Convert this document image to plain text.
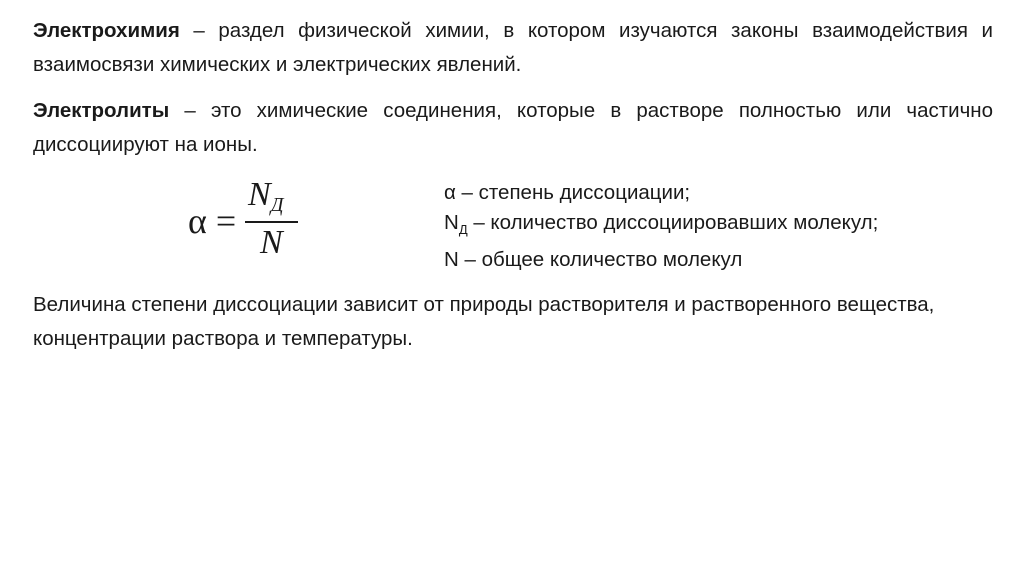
Электрохимия – раздел физической химии, в котором изучаются законы взаимодействия и взаимосвязи химических и электрических явлений.

Электролиты – это химические соединения, которые в растворе полностью или частично диссоциируют на ионы.

α =
$N_Д$
N
α – степень диссоциации;
$N_Д$ – количество диссоциировавших молекул;
N – общее количество молекул

Величина степени диссоциации зависит от природы растворителя и растворенного вещества, концентрации раствора и температуры.
